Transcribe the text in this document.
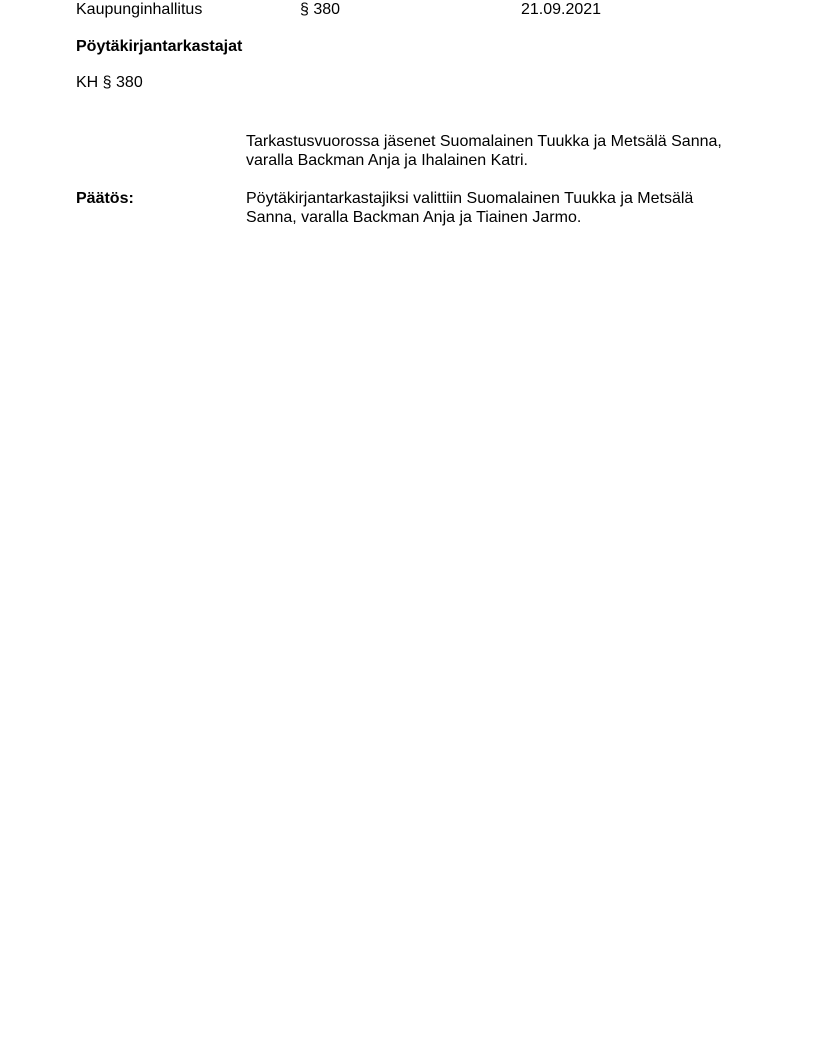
Kaupunginhallitus	§ 380	21.09.2021
Pöytäkirjantarkastajat
KH § 380
Tarkastusvuorossa jäsenet Suomalainen Tuukka ja Metsälä Sanna, varalla Backman Anja ja Ihalainen Katri.
Päätös:	Pöytäkirjantarkastajiksi valittiin Suomalainen Tuukka ja Metsälä Sanna, varalla Backman Anja ja Tiainen Jarmo.
